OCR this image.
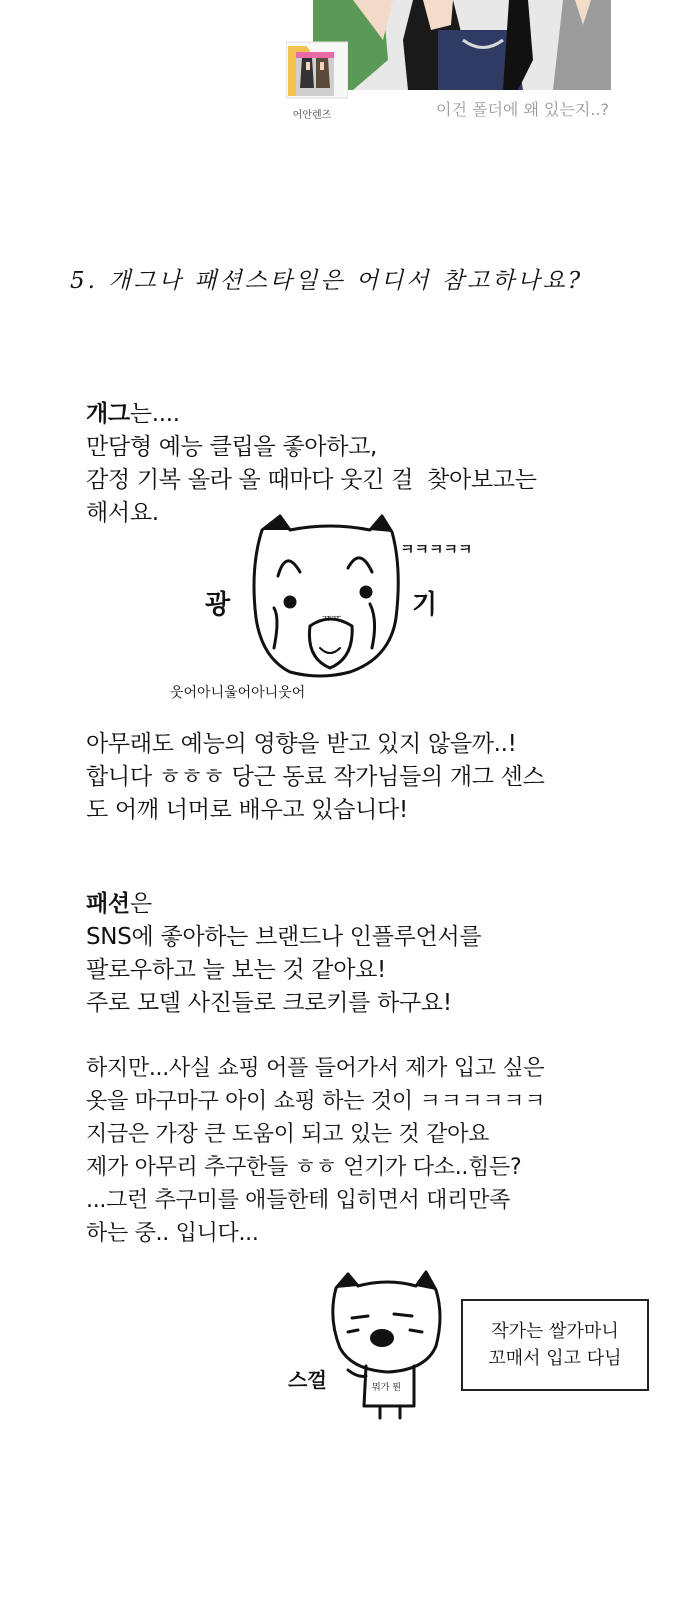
어안렌즈	이건 폴더에 왜 있는지..?
5. 개그나 패션스타일은 어디서 참고하나요?
개그는....
만담형 예능 클립을 좋아하고,
감정 기복 올라 올 때마다 웃긴 걸  찾아보고는
해서요.
ㅋㅋㅋㅋㅋ
광	기
ㅠㅠ
웃어아니울어아니웃어
아무래도 예능의 영향을 받고 있지 않을까..!
합니다 ㅎㅎㅎ 당근 동료 작가님들의 개그 센스
도 어깨 너머로 배우고 있습니다!
패션은
SNS에 좋아하는 브랜드나 인플루언서를
팔로우하고 늘 보는 것 같아요!
주로 모델 사진들로 크로키를 하구요!
하지만...사실 쇼핑 어플 들어가서 제가 입고 싶은
옷을 마구마구 아이 쇼핑 하는 것이 ㅋㅋㅋㅋㅋㅋ
지금은 가장 큰 도움이 되고 있는 것 같아요
제가 아무리 추구한들 ㅎㅎ 얻기가 다소..힘든?
...그런 추구미를 애들한테 입히면서 대리만족
하는 중.. 입니다...
뭐가 뭔
스껄
작가는 쌀가마니
꼬매서 입고 다님
